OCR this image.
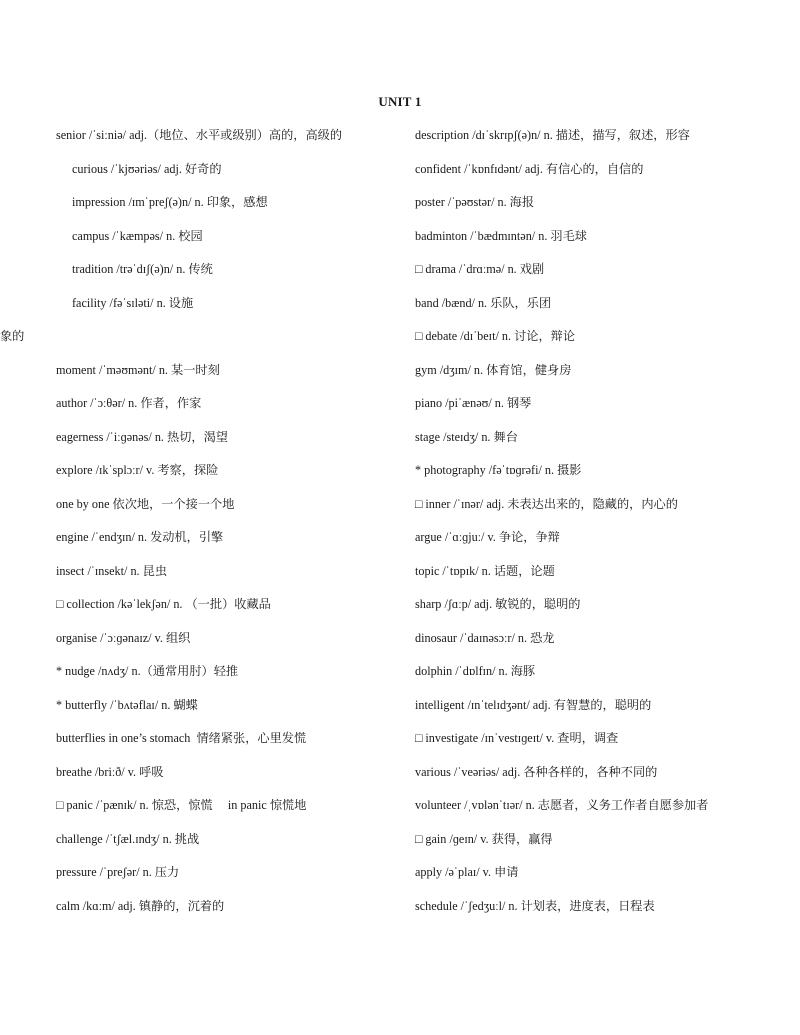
UNIT 1
senior /ˈsiːniə/ adj.（地位、水平或级别）高的，高级的
curious /ˈkjʊəriəs/ adj. 好奇的
impression /ɪmˈpreʃ(ə)n/ n. 印象，感想
campus /ˈkæmpəs/ n. 校园
tradition /trəˈdɪʃ(ə)n/ n. 传统
facility /fəˈsɪləti/ n. 设施
象的
moment /ˈməʊmənt/ n. 某一时刻
author /ˈɔːθər/ n. 作者，作家
eagerness /ˈiːɡənəs/ n. 热切，渴望
explore /ɪkˈsplɔːr/ v. 考察，探险
one by one 依次地，一个接一个地
engine /ˈendʒɪn/ n. 发动机，引擎
insect /ˈɪnsekt/ n. 昆虫
□ collection /kəˈlekʃən/ n. （一批）收藏品
organise /ˈɔːɡənaɪz/ v. 组织
* nudge /nʌdʒ/ n.（通常用肘）轻推
* butterfly /ˈbʌtəflaɪ/ n. 蝴蝶
butterflies in one’s stomach  情绪紧张，心里发慌
breathe /briːð/ v. 呼吸
□ panic /ˈpænɪk/ n. 惊恐，惊慌     in panic 惊慌地
challenge /ˈtʃæl.ɪndʒ/ n. 挑战
pressure /ˈpreʃər/ n. 压力
calm /kɑːm/ adj. 镇静的，沉着的
description /dɪˈskrɪpʃ(ə)n/ n. 描述，描写，叙述，形容
confident /ˈkɒnfɪdənt/ adj. 有信心的，自信的
poster /ˈpəʊstər/ n. 海报
badminton /ˈbædmɪntən/ n. 羽毛球
□ drama /ˈdrɑːmə/ n. 戏剧
band /bænd/ n. 乐队，乐团
□ debate /dɪˈbeɪt/ n. 讨论，辩论
gym /dʒɪm/ n. 体育馆，健身房
piano /piˈænəʊ/ n. 钢琴
stage /steɪdʒ/ n. 舞台
* photography /fəˈtɒɡrəfi/ n. 摄影
□ inner /ˈɪnər/ adj. 未表达出来的，隐藏的，内心的
argue /ˈɑːɡjuː/ v. 争论，争辩
topic /ˈtɒpɪk/ n. 话题，论题
sharp /ʃɑːp/ adj. 敏锐的，聪明的
dinosaur /ˈdaɪnəsɔːr/ n. 恐龙
dolphin /ˈdɒlfɪn/ n. 海豚
intelligent /ɪnˈtelɪdʒənt/ adj. 有智慧的，聪明的
□ investigate /ɪnˈvestɪɡeɪt/ v. 查明，调查
various /ˈveəriəs/ adj. 各种各样的，各种不同的
volunteer /ˌvɒlənˈtɪər/ n. 志愿者，义务工作者自愿参加者
□ gain /ɡeɪn/ v. 获得，赢得
apply /əˈplaɪ/ v. 申请
schedule /ˈʃedʒuːl/ n. 计划表，进度表，日程表
